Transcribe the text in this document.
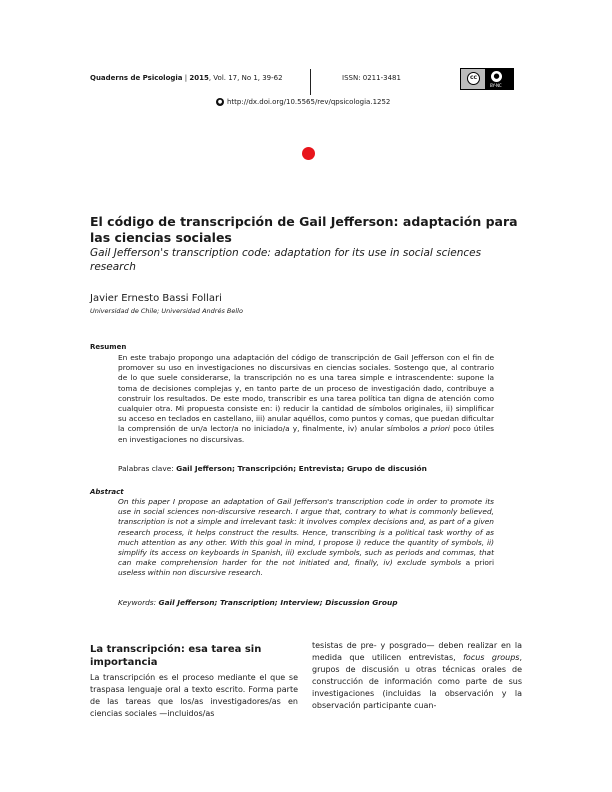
Quaderns de Psicologia | 2015, Vol. 17, No 1, 39-62	ISSN: 0211-3481	cc	●
BY-NC
● http://dx.doi.org/10.5565/rev/qpsicologia.1252
El código de transcripción de Gail Jefferson: adaptación para las ciencias sociales
Gail Jefferson's transcription code: adaptation for its use in social sciences research
Javier Ernesto Bassi Follari
Universidad de Chile; Universidad Andrés Bello
Resumen
En este trabajo propongo una adaptación del código de transcripción de Gail Jefferson con el fin de promover su uso en investigaciones no discursivas en ciencias sociales. Sostengo que, al contrario de lo que suele considerarse, la transcripción no es una tarea simple e intrascendente: supone la toma de decisiones complejas y, en tanto parte de un proceso de investigación dado, contribuye a construir los resultados. De este modo, transcribir es una tarea política tan digna de atención como cualquier otra. Mi propuesta consiste en: i) reducir la cantidad de símbolos originales, ii) simplificar su acceso en teclados en castellano, iii) anular aquéllos, como puntos y comas, que puedan dificultar la comprensión de un/a lector/a no iniciado/a y, finalmente, iv) anular símbolos a priori poco útiles en investigaciones no discursivas.
Palabras clave: Gail Jefferson; Transcripción; Entrevista; Grupo de discusión
Abstract
On this paper I propose an adaptation of Gail Jefferson's transcription code in order to promote its use in social sciences non-discursive research. I argue that, contrary to what is commonly believed, transcription is not a simple and irrelevant task: it involves complex decisions and, as part of a given research process, it helps construct the results. Hence, transcribing is a political task worthy of as much attention as any other. With this goal in mind, I propose i) reduce the quantity of symbols, ii) simplify its access on keyboards in Spanish, iii) exclude symbols, such as periods and commas, that can make comprehension harder for the not initiated and, finally, iv) exclude symbols a priori useless within non discursive research.
Keywords: Gail Jefferson; Transcription; Interview; Discussion Group
La transcripción: esa tarea sin importancia
La transcripción es el proceso mediante el que se traspasa lenguaje oral a texto escrito. Forma parte de las tareas que los/as investigadores/as en ciencias sociales —incluidos/as
tesistas de pre- y posgrado— deben realizar en la medida que utilicen entrevistas, focus groups, grupos de discusión u otras técnicas orales de construcción de información como parte de sus investigaciones (incluidas la observación y la observación participante cuan-
